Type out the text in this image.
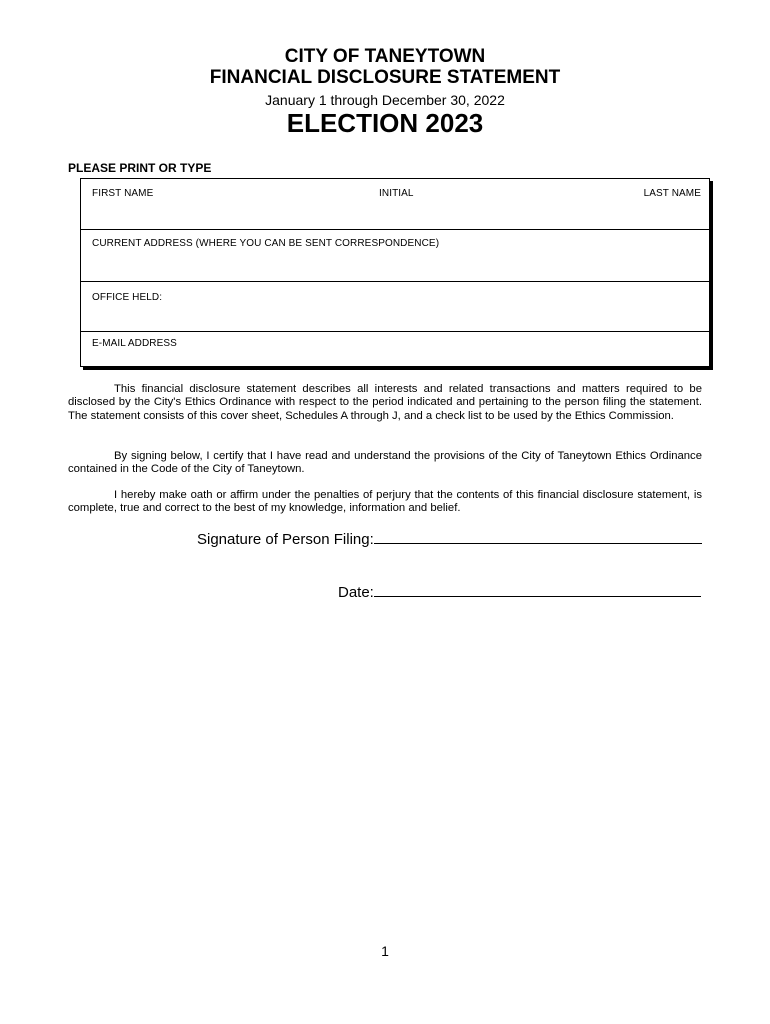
CITY OF TANEYTOWN
FINANCIAL DISCLOSURE STATEMENT
January 1 through December 30, 2022
ELECTION 2023
PLEASE PRINT OR TYPE
FIRST NAME	INITIAL	LAST NAME
CURRENT ADDRESS (WHERE YOU CAN BE SENT CORRESPONDENCE)
OFFICE HELD:
E-MAIL ADDRESS
This financial disclosure statement describes all interests and related transactions and matters required to be disclosed by the City's Ethics Ordinance with respect to the period indicated and pertaining to the person filing the statement. The statement consists of this cover sheet, Schedules A through J, and a check list to be used by the Ethics Commission.
By signing below, I certify that I have read and understand the provisions of the City of Taneytown Ethics Ordinance contained in the Code of the City of Taneytown.
I hereby make oath or affirm under the penalties of perjury that the contents of this financial disclosure statement, is complete, true and correct to the best of my knowledge, information and belief.
Signature of Person Filing:
Date:
1
